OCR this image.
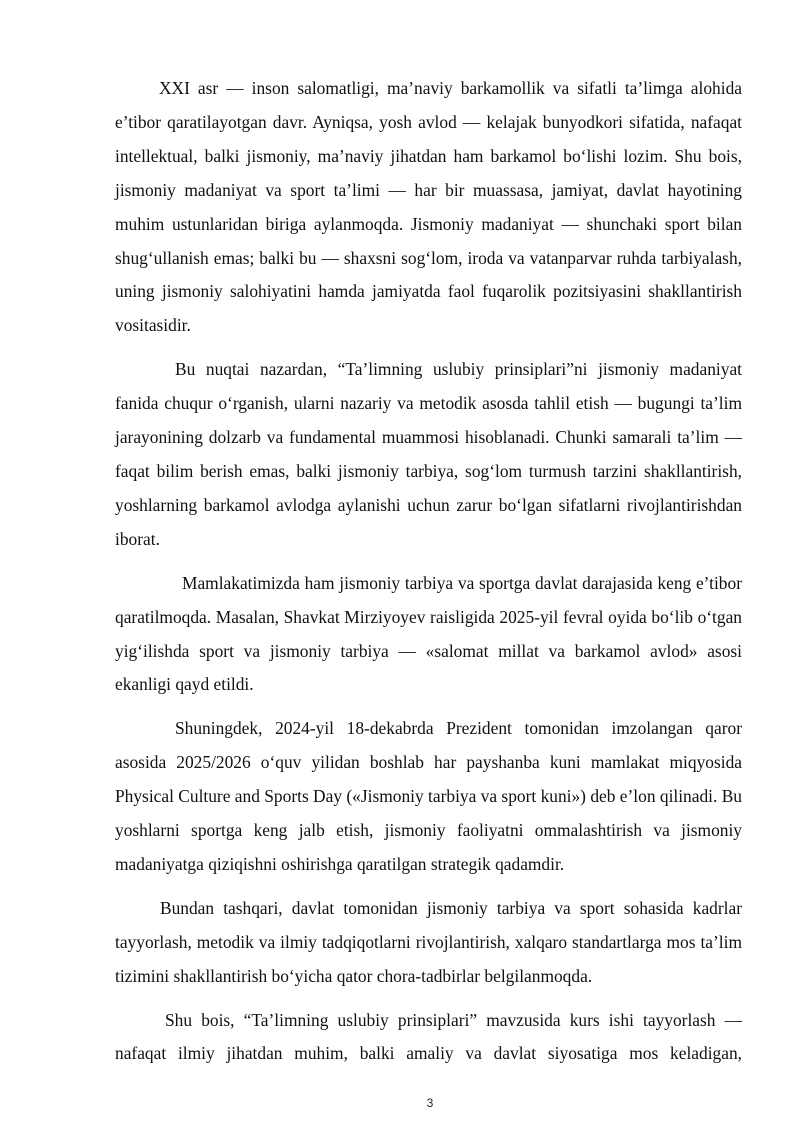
XXI asr — inson salomatligi, ma’naviy barkamollik va sifatli ta’limga alohida e’tibor qaratilayotgan davr. Ayniqsa, yosh avlod — kelajak bunyodkori sifatida, nafaqat intellektual, balki jismoniy, ma’naviy jihatdan ham barkamol bo‘lishi lozim. Shu bois, jismoniy madaniyat va sport ta’limi — har bir muassasa, jamiyat, davlat hayotining muhim ustunlaridan biriga aylanmoqda. Jismoniy madaniyat — shunchaki sport bilan shug‘ullanish emas; balki bu — shaxsni sog‘lom, iroda va vatanparvar ruhda tarbiyalash, uning jismoniy salohiyatini hamda jamiyatda faol fuqarolik pozitsiyasini shakllantirish vositasidir.

Bu nuqtai nazardan, “Ta’limning uslubiy prinsiplari”ni jismoniy madaniyat fanida chuqur o‘rganish, ularni nazariy va metodik asosda tahlil etish — bugungi ta’lim jarayonining dolzarb va fundamental muammosi hisoblanadi. Chunki samarali ta’lim — faqat bilim berish emas, balki jismoniy tarbiya, sog‘lom turmush tarzini shakllantirish, yoshlarning barkamol avlodga aylanishi uchun zarur bo‘lgan sifatlarni rivojlantirishdan iborat.

Mamlakatimizda ham jismoniy tarbiya va sportga davlat darajasida keng e’tibor qaratilmoqda. Masalan, Shavkat Mirziyoyev raisligida 2025-yil fevral oyida bo‘lib o‘tgan yig‘ilishda sport va jismoniy tarbiya — «salomat millat va barkamol avlod» asosi ekanligi qayd etildi.

Shuningdek, 2024-yil 18-dekabrda Prezident tomonidan imzolangan qaror asosida 2025/2026 o‘quv yilidan boshlab har payshanba kuni mamlakat miqyosida Physical Culture and Sports Day («Jismoniy tarbiya va sport kuni») deb e’lon qilinadi. Bu yoshlarni sportga keng jalb etish, jismoniy faoliyatni ommalashtirish va jismoniy madaniyatga qiziqishni oshirishga qaratilgan strategik qadamdir.

Bundan tashqari, davlat tomonidan jismoniy tarbiya va sport sohasida kadrlar tayyorlash, metodik va ilmiy tadqiqotlarni rivojlantirish, xalqaro standartlarga mos ta’lim tizimini shakllantirish bo‘yicha qator chora-tadbirlar belgilanmoqda.

Shu bois, “Ta’limning uslubiy prinsiplari” mavzusida kurs ishi tayyorlash — nafaqat ilmiy jihatdan muhim, balki amaliy va davlat siyosatiga mos keladigan,

3
